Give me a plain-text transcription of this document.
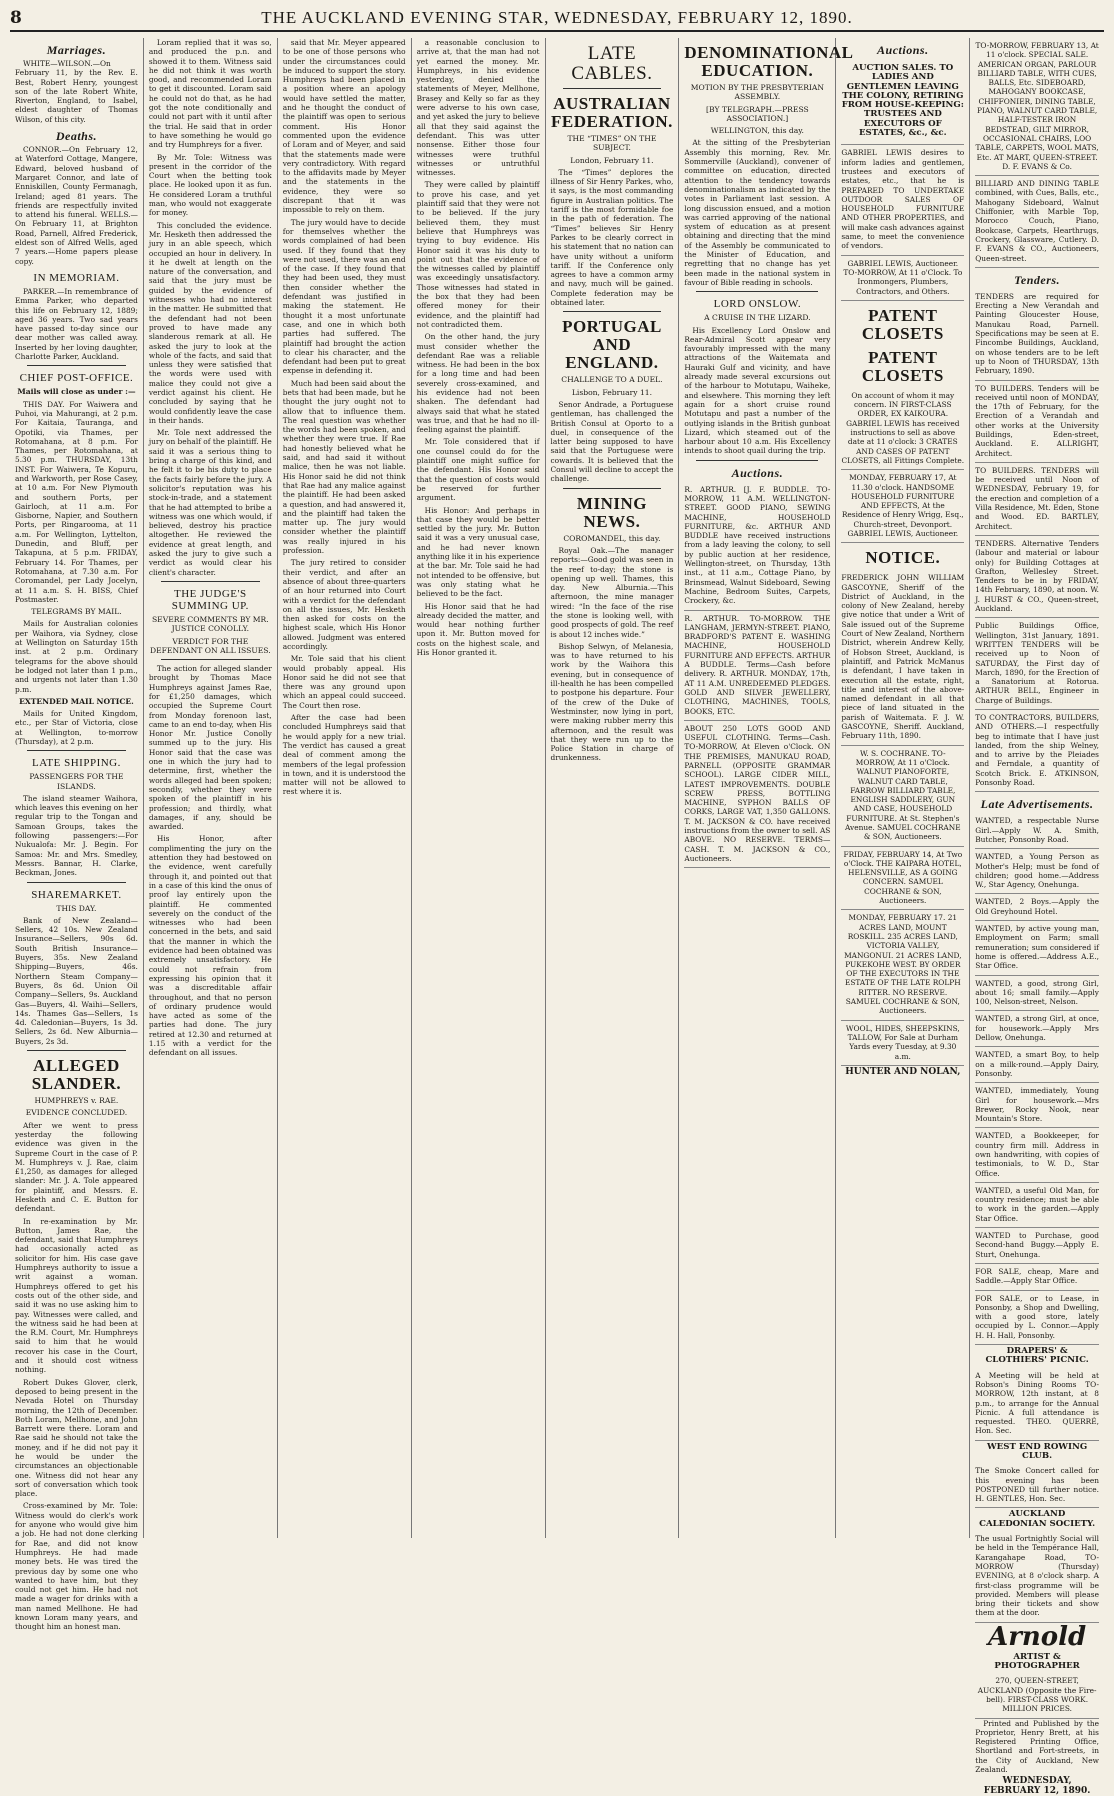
8	THE AUCKLAND EVENING STAR, WEDNESDAY, FEBRUARY 12, 1890.
Marriages.

WHITE—WILSON.—On February 11, by the Rev. E. Best, Robert Henry, youngest son of the late Robert White, Riverton, England, to Isabel, eldest daughter of Thomas Wilson, of this city.

Deaths.

CONNOR.—On February 12, at Waterford Cottage, Mangere, Edward, beloved husband of Margaret Connor, and late of Enniskillen, County Fermanagh, Ireland; aged 81 years. The friends are respectfully invited to attend his funeral. WELLS.—On February 11, at Brighton Road, Parnell, Alfred Frederick, eldest son of Alfred Wells, aged 7 years.—Home papers please copy.

IN MEMORIAM.

PARKER.—In remembrance of Emma Parker, who departed this life on February 12, 1889; aged 36 years. Two sad years have passed to-day since our dear mother was called away. Inserted by her loving daughter, Charlotte Parker, Auckland.

CHIEF POST-OFFICE.
Mails will close as under :—

THIS DAY. For Waiwera and Puhoi, via Mahurangi, at 2 p.m. For Kaitaia, Tauranga, and Opotiki, via Thames, per Rotomahana, at 8 p.m. For Thames, per Rotomahana, at 5.30 p.m. THURSDAY, 13th INST. For Waiwera, Te Kopuru, and Warkworth, per Rose Casey, at 10 a.m. For New Plymouth and southern Ports, per Gairloch, at 11 a.m. For Gisborne, Napier, and Southern Ports, per Ringarooma, at 11 a.m. For Wellington, Lyttelton, Dunedin, and Bluff, per Takapuna, at 5 p.m. FRIDAY, February 14. For Thames, per Rotomahana, at 7.30 a.m. For Coromandel, per Lady Jocelyn, at 11 a.m. S. H. BISS, Chief Postmaster.

TELEGRAMS BY MAIL.

Mails for Australian colonies per Waihora, via Sydney, close at Wellington on Saturday 15th inst. at 2 p.m. Ordinary telegrams for the above should be lodged not later than 1 p.m., and urgents not later than 1.30 p.m.

EXTENDED MAIL NOTICE.

Mails for United Kingdom, etc., per Star of Victoria, close at Wellington, to-morrow (Thursday), at 2 p.m.

LATE SHIPPING.
PASSENGERS FOR THE ISLANDS.

The island steamer Waihora, which leaves this evening on her regular trip to the Tongan and Samoan Groups, takes the following passengers:—For Nukualofa: Mr. J. Begin. For Samoa: Mr. and Mrs. Smedley, Messrs. Bannar, H. Clarke, Beckman, Jones.

SHAREMARKET.
THIS DAY.

Bank of New Zealand—Sellers, 42 10s. New Zealand Insurance—Sellers, 90s 6d. South British Insurance—Buyers, 35s. New Zealand Shipping—Buyers, 46s. Northern Steam Company—Buyers, 8s 6d. Union Oil Company—Sellers, 9s. Auckland Gas—Buyers, 4l. Waihi—Sellers, 14s. Thames Gas—Sellers, 1s 4d. Caledonian—Buyers, 1s 3d. Sellers, 2s 6d. New Alburnia—Buyers, 2s 3d.

ALLEGED SLANDER.
HUMPHREYS v. RAE.
EVIDENCE CONCLUDED.

After we went to press yesterday the following evidence was given in the Supreme Court in the case of P. M. Humphreys v. J. Rae, claim £1,250, as damages for alleged slander: Mr. J. A. Tole appeared for plaintiff, and Messrs. E. Hesketh and C. E. Button for defendant.

In re-examination by Mr. Button, James Rae, the defendant, said that Humphreys had occasionally acted as solicitor for him. His case gave Humphreys authority to issue a writ against a woman. Humphreys offered to get his costs out of the other side, and said it was no use asking him to pay. Witnesses were called, and the witness said he had been at the R.M. Court, Mr. Humphreys said to him that he would recover his case in the Court, and it should cost witness nothing.

Robert Dukes Glover, clerk, deposed to being present in the Nevada Hotel on Thursday morning, the 12th of December. Both Loram, Mellhone, and John Barrett were there. Loram and Rae said he should not take the money, and if he did not pay it he would be under the circumstances an objectionable one. Witness did not hear any sort of conversation which took place.

Cross-examined by Mr. Tole: Witness would do clerk's work for anyone who would give him a job. He had not done clerking for Rae, and did not know Humphreys. He had made money bets. He was tired the previous day by some one who wanted to have him, but they could not get him. He had not made a wager for drinks with a man named Mellhone. He had known Loram many years, and thought him an honest man.

Loram replied that it was so, and produced the p.n. and showed it to them. Witness said he did not think it was worth good, and recommended Loram to get it discounted. Loram said he could not do that, as he had got the note conditionally and could not part with it until after the trial. He said that in order to have something he would go and try Humphreys for a fiver.

By Mr. Tole: Witness was present in the corridor of the Court when the betting took place. He looked upon it as fun. He considered Loram a truthful man, who would not exaggerate for money.

This concluded the evidence. Mr. Hesketh then addressed the jury in an able speech, which occupied an hour in delivery. In it he dwelt at length on the nature of the conversation, and said that the jury must be guided by the evidence of witnesses who had no interest in the matter. He submitted that the defendant had not been proved to have made any slanderous remark at all. He asked the jury to look at the whole of the facts, and said that unless they were satisfied that the words were used with malice they could not give a verdict against his client. He concluded by saying that he would confidently leave the case in their hands.

Mr. Tole next addressed the jury on behalf of the plaintiff. He said it was a serious thing to bring a charge of this kind, and he felt it to be his duty to place the facts fairly before the jury. A solicitor's reputation was his stock-in-trade, and a statement that he had attempted to bribe a witness was one which would, if believed, destroy his practice altogether. He reviewed the evidence at great length, and asked the jury to give such a verdict as would clear his client's character.

THE JUDGE'S SUMMING UP.
SEVERE COMMENTS BY MR. JUSTICE CONOLLY.
VERDICT FOR THE DEFENDANT ON ALL ISSUES.

The action for alleged slander brought by Thomas Mace Humphreys against James Rae, for £1,250 damages, which occupied the Supreme Court from Monday forenoon last, came to an end to-day, when His Honor Mr. Justice Conolly summed up to the jury. His Honor said that the case was one in which the jury had to determine, first, whether the words alleged had been spoken; secondly, whether they were spoken of the plaintiff in his profession; and thirdly, what damages, if any, should be awarded.

His Honor, after complimenting the jury on the attention they had bestowed on the evidence, went carefully through it, and pointed out that in a case of this kind the onus of proof lay entirely upon the plaintiff. He commented severely on the conduct of the witnesses who had been concerned in the bets, and said that the manner in which the evidence had been obtained was extremely unsatisfactory. He could not refrain from expressing his opinion that it was a discreditable affair throughout, and that no person of ordinary prudence would have acted as some of the parties had done. The jury retired at 12.30 and returned at 1.15 with a verdict for the defendant on all issues.

said that Mr. Meyer appeared to be one of those persons who under the circumstances could be induced to support the story. Humphreys had been placed in a position where an apology would have settled the matter, and he thought the conduct of the plaintiff was open to serious comment. His Honor commented upon the evidence of Loram and of Meyer, and said that the statements made were very contradictory. With regard to the affidavits made by Meyer and the statements in the evidence, they were so discrepant that it was impossible to rely on them.

The jury would have to decide for themselves whether the words complained of had been used. If they found that they were not used, there was an end of the case. If they found that they had been used, they must then consider whether the defendant was justified in making the statement. He thought it a most unfortunate case, and one in which both parties had suffered. The plaintiff had brought the action to clear his character, and the defendant had been put to great expense in defending it.

Much had been said about the bets that had been made, but he thought the jury ought not to allow that to influence them. The real question was whether the words had been spoken, and whether they were true. If Rae had honestly believed what he said, and had said it without malice, then he was not liable. His Honor said he did not think that Rae had any malice against the plaintiff. He had been asked a question, and had answered it, and the plaintiff had taken the matter up. The jury would consider whether the plaintiff was really injured in his profession.

The jury retired to consider their verdict, and after an absence of about three-quarters of an hour returned into Court with a verdict for the defendant on all the issues, Mr. Hesketh then asked for costs on the highest scale, which His Honor allowed. Judgment was entered accordingly.

Mr. Tole said that his client would probably appeal. His Honor said he did not see that there was any ground upon which an appeal could succeed. The Court then rose.

After the case had been concluded Humphreys said that he would apply for a new trial. The verdict has caused a great deal of comment among the members of the legal profession in town, and it is understood the matter will not be allowed to rest where it is.

a reasonable conclusion to arrive at, that the man had not yet earned the money. Mr. Humphreys, in his evidence yesterday, denied the statements of Meyer, Mellhone, Brasey and Kelly so far as they were adverse to his own case, and yet asked the jury to believe all that they said against the defendant. This was utter nonsense. Either those four witnesses were truthful witnesses or untruthful witnesses.

They were called by plaintiff to prove his case, and yet plaintiff said that they were not to be believed. If the jury believed them, they must believe that Humphreys was trying to buy evidence. His Honor said it was his duty to point out that the evidence of the witnesses called by plaintiff was exceedingly unsatisfactory. Those witnesses had stated in the box that they had been offered money for their evidence, and the plaintiff had not contradicted them.

On the other hand, the jury must consider whether the defendant Rae was a reliable witness. He had been in the box for a long time and had been severely cross-examined, and his evidence had not been shaken. The defendant had always said that what he stated was true, and that he had no ill-feeling against the plaintiff.

Mr. Tole considered that if one counsel could do for the plaintiff one might suffice for the defendant. His Honor said that the question of costs would be reserved for further argument.

His Honor: And perhaps in that case they would be better settled by the jury. Mr. Button said it was a very unusual case, and he had never known anything like it in his experience at the bar. Mr. Tole said he had not intended to be offensive, but was only stating what he believed to be the fact.

His Honor said that he had already decided the matter, and would hear nothing further upon it. Mr. Button moved for costs on the highest scale, and His Honor granted it.

LATE CABLES.
AUSTRALIAN FEDERATION.
THE “TIMES” ON THE SUBJECT.
London, February 11.

The “Times” deplores the illness of Sir Henry Parkes, who, it says, is the most commanding figure in Australian politics. The tariff is the most formidable foe in the path of federation. The “Times” believes Sir Henry Parkes to be clearly correct in his statement that no nation can have unity without a uniform tariff. If the Conference only agrees to have a common army and navy, much will be gained. Complete federation may be obtained later.

PORTUGAL AND ENGLAND.
CHALLENGE TO A DUEL.
Lisbon, February 11.

Senor Andrade, a Portuguese gentleman, has challenged the British Consul at Oporto to a duel, in consequence of the latter being supposed to have said that the Portuguese were cowards. It is believed that the Consul will decline to accept the challenge.

MINING NEWS.
COROMANDEL, this day.

Royal Oak.—The manager reports:—Good gold was seen in the reef to-day; the stone is opening up well. Thames, this day. New Alburnia.—This afternoon, the mine manager wired: “In the face of the rise the stone is looking well, with good prospects of gold. The reef is about 12 inches wide.”

Bishop Selwyn, of Melanesia, was to have returned to his work by the Waihora this evening, but in consequence of ill-health he has been compelled to postpone his departure. Four of the crew of the Duke of Westminster, now lying in port, were making rubber merry this afternoon, and the result was that they were run up to the Police Station in charge of drunkenness.

DENOMINATIONAL EDUCATION.
MOTION BY THE PRESBYTERIAN ASSEMBLY.
[BY TELEGRAPH.—PRESS ASSOCIATION.]
WELLINGTON, this day.

At the sitting of the Presbyterian Assembly this morning, Rev. Mr. Sommerville (Auckland), convener of committee on education, directed attention to the tendency towards denominationalism as indicated by the votes in Parliament last session. A long discussion ensued, and a motion was carried approving of the national system of education as at present obtaining and directing that the mind of the Assembly be communicated to the Minister of Education, and regretting that no change has yet been made in the national system in favour of Bible reading in schools.

LORD ONSLOW.
A CRUISE IN THE LIZARD.

His Excellency Lord Onslow and Rear-Admiral Scott appear very favourably impressed with the many attractions of the Waitemata and Hauraki Gulf and vicinity, and have already made several excursions out of the harbour to Motutapu, Waiheke, and elsewhere. This morning they left again for a short cruise round Motutapu and past a number of the outlying islands in the British gunboat Lizard, which steamed out of the harbour about 10 a.m. His Excellency intends to shoot quail during the trip.

Auctions.
R. ARTHUR. [J. F. BUDDLE. TO-MORROW, 11 A.M. WELLINGTON-STREET. GOOD PIANO, SEWING MACHINE, HOUSEHOLD FURNITURE, &c. ARTHUR AND BUDDLE have received instructions from a lady leaving the colony, to sell by public auction at her residence, Wellington-street, on Thursday, 13th inst., at 11 a.m., Cottage Piano, by Brinsmead, Walnut Sideboard, Sewing Machine, Bedroom Suites, Carpets, Crockery, &c.
R. ARTHUR. TO-MORROW. THE LANGHAM, JERMYN-STREET. PIANO, BRADFORD'S PATENT E. WASHING MACHINE, HOUSEHOLD FURNITURE AND EFFECTS. ARTHUR A BUDDLE. Terms—Cash before delivery. R. ARTHUR. MONDAY, 17th, AT 11 A.M. UNREDEEMED PLEDGES. GOLD AND SILVER JEWELLERY, CLOTHING, MACHINES, TOOLS, BOOKS, ETC.
ABOUT 250 LOTS GOOD AND USEFUL CLOTHING. Terms—Cash. TO-MORROW, At Eleven o'Clock. ON THE PREMISES, MANUKAU ROAD, PARNELL (OPPOSITE GRAMMAR SCHOOL). LARGE CIDER MILL, LATEST IMPROVEMENTS. DOUBLE SCREW PRESS, BOTTLING MACHINE, SYPHON BALLS OF CORKS, LARGE VAT, 1,350 GALLONS. T. M. JACKSON & CO. have received instructions from the owner to sell. AS ABOVE. NO RESERVE. TERMS—CASH. T. M. JACKSON & CO., Auctioneers.
Auctions.
AUCTION SALES. TO LADIES AND GENTLEMEN LEAVING THE COLONY, RETIRING FROM HOUSE-KEEPING: TRUSTEES AND EXECUTORS OF ESTATES, &c., &c.
GABRIEL LEWIS desires to inform ladies and gentlemen, trustees and executors of estates, etc., that he is PREPARED TO UNDERTAKE OUTDOOR SALES OF HOUSEHOLD FURNITURE AND OTHER PROPERTIES, and will make cash advances against same, to meet the convenience of vendors.
GABRIEL LEWIS, Auctioneer. TO-MORROW, At 11 o'Clock. To Ironmongers, Plumbers, Contractors, and Others.
PATENT CLOSETS
PATENT CLOSETS
On account of whom it may concern. IN FIRST-CLASS ORDER, EX KAIKOURA. GABRIEL LEWIS has received instructions to sell as above date at 11 o'clock: 3 CRATES AND CASES OF PATENT CLOSETS, all Fittings Complete.
MONDAY, FEBRUARY 17, At 11.30 o'clock. HANDSOME HOUSEHOLD FURNITURE AND EFFECTS, At the Residence of Henry Wrigg, Esq., Church-street, Devonport. GABRIEL LEWIS, Auctioneer.
NOTICE.
FREDERICK JOHN WILLIAM GASCOYNE, Sheriff of the District of Auckland, in the colony of New Zealand, hereby give notice that under a Writ of Sale issued out of the Supreme Court of New Zealand, Northern District, wherein Andrew Kelly, of Hobson Street, Auckland, is plaintiff, and Patrick McManus is defendant, I have taken in execution all the estate, right, title and interest of the above-named defendant in all that piece of land situated in the parish of Waitemata. F. J. W. GASCOYNE, Sheriff. Auckland, February 11th, 1890.
W. S. COCHRANE. TO-MORROW, At 11 o'Clock. WALNUT PIANOFORTE, WALNUT CARD TABLE, FARROW BILLIARD TABLE, ENGLISH SADDLERY, GUN AND CASE, HOUSEHOLD FURNITURE. At St. Stephen's Avenue. SAMUEL COCHRANE & SON, Auctioneers.
FRIDAY, FEBRUARY 14, At Two o'Clock. THE KAIPARA HOTEL, HELENSVILLE, AS A GOING CONCERN. SAMUEL COCHRANE & SON, Auctioneers.
MONDAY, FEBRUARY 17. 21 ACRES LAND, MOUNT ROSKILL. 235 ACRES LAND, VICTORIA VALLEY, MANGONUI. 21 ACRES LAND, PUKEKOHE WEST. BY ORDER OF THE EXECUTORS IN THE ESTATE OF THE LATE ROLPH RITTER. NO RESERVE. SAMUEL COCHRANE & SON, Auctioneers.
WOOL, HIDES, SHEEPSKINS, TALLOW, For Sale at Durham Yards every Tuesday, at 9.30 a.m.
HUNTER AND NOLAN,
TO-MORROW, FEBRUARY 13, At 11 o'clock. SPECIAL SALE. AMERICAN ORGAN, PARLOUR BILLIARD TABLE, WITH CUES, BALLS, Etc. SIDEBOARD, MAHOGANY BOOKCASE, CHIFFONIER, DINING TABLE, PIANO, WALNUT CARD TABLE, HALF-TESTER IRON BEDSTEAD, GILT MIRROR, OCCASIONAL CHAIRS, LOO TABLE, CARPETS, WOOL MATS, Etc. AT MART, QUEEN-STREET. D. F. EVANS & Co.
BILLIARD AND DINING TABLE combined, with Cues, Balls, etc., Mahogany Sideboard, Walnut Chiffonier, with Marble Top, Morocco Couch, Piano, Bookcase, Carpets, Hearthrugs, Crockery, Glassware, Cutlery. D. F. EVANS & CO., Auctioneers, Queen-street.
Tenders.
TENDERS are required for Erecting a New Verandah and Painting Gloucester House, Manukau Road, Parnell. Specifications may be seen at E. Fincombe Buildings, Auckland, on whose tenders are to be left up to Noon of THURSDAY, 13th February, 1890.
TO BUILDERS. Tenders will be received until noon of MONDAY, the 17th of February, for the Erection of a Verandah and other works at the University Buildings, Eden-street, Auckland. E. ALLRIGHT, Architect.
TO BUILDERS. TENDERS will be received until Noon of WEDNESDAY, February 19, for the erection and completion of a Villa Residence, Mt. Eden, Stone and Wood. ED. BARTLEY, Architect.
TENDERS. Alternative Tenders (labour and material or labour only) for Building Cottages at Grafton, Wellesley Street. Tenders to be in by FRIDAY, 14th February, 1890, at noon. W. J. HURST & CO., Queen-street, Auckland.
Public Buildings Office, Wellington, 31st January, 1891. WRITTEN TENDERS will be received up to Noon of SATURDAY, the First day of March, 1890, for the Erection of a Sanatorium at Rotorua. ARTHUR BELL, Engineer in Charge of Buildings.
TO CONTRACTORS, BUILDERS, AND OTHERS.—I respectfully beg to intimate that I have just landed, from the ship Welney, and to arrive by the Pleiades and Ferndale, a quantity of Scotch Brick. E. ATKINSON, Ponsonby Road.
Late Advertisements.
WANTED, a respectable Nurse Girl.—Apply W. A. Smith, Butcher, Ponsonby Road.
WANTED, a Young Person as Mother's Help; must be fond of children; good home.—Address W., Star Agency, Onehunga.
WANTED, 2 Boys.—Apply the Old Greyhound Hotel.
WANTED, by active young man, Employment on Farm; small remuneration; sum considered if home is offered.—Address A.E., Star Office.
WANTED, a good, strong Girl, about 16; small family.—Apply 100, Nelson-street, Nelson.
WANTED, a strong Girl, at once, for housework.—Apply Mrs Dellow, Onehunga.
WANTED, a smart Boy, to help on a milk-round.—Apply Dairy, Ponsonby.
WANTED, immediately, Young Girl for housework.—Mrs Brewer, Rocky Nook, near Mountain's Store.
WANTED, a Bookkeeper, for country firm mill. Address in own handwriting, with copies of testimonials, to W. D., Star Office.
WANTED, a useful Old Man, for country residence; must be able to work in the garden.—Apply Star Office.
WANTED to Purchase, good Second-hand Buggy.—Apply E. Sturt, Onehunga.
FOR SALE, cheap, Mare and Saddle.—Apply Star Office.
FOR SALE, or to Lease, in Ponsonby, a Shop and Dwelling, with a good store, lately occupied by L. Connor.—Apply H. H. Hall, Ponsonby.
DRAPERS' & CLOTHIERS' PICNIC.
A Meeting will be held at Robson's Dining Rooms TO-MORROW, 12th instant, at 8 p.m., to arrange for the Annual Picnic. A full attendance is requested. THEO. QUERRÉ, Hon. Sec.
WEST END ROWING CLUB.
The Smoke Concert called for this evening has been POSTPONED till further notice. H. GENTLES, Hon. Sec.
AUCKLAND CALEDONIAN SOCIETY.
The usual Fortnightly Social will be held in the Tempérance Hall, Karangahape Road, TO-MORROW (Thursday) EVENING, at 8 o'clock sharp. A first-class programme will be provided. Members will please bring their tickets and show them at the door.
Arnold
ARTIST & PHOTOGRAPHER
270, QUEEN-STREET, AUCKLAND (Opposite the Fire-bell). FIRST-CLASS WORK. MILLION PRICES.

Printed and Published by the Proprietor, Henry Brett, at his Registered Printing Office, Shortland and Fort-streets, in the City of Auckland, New Zealand.

WEDNESDAY, FEBRUARY 12, 1890.
